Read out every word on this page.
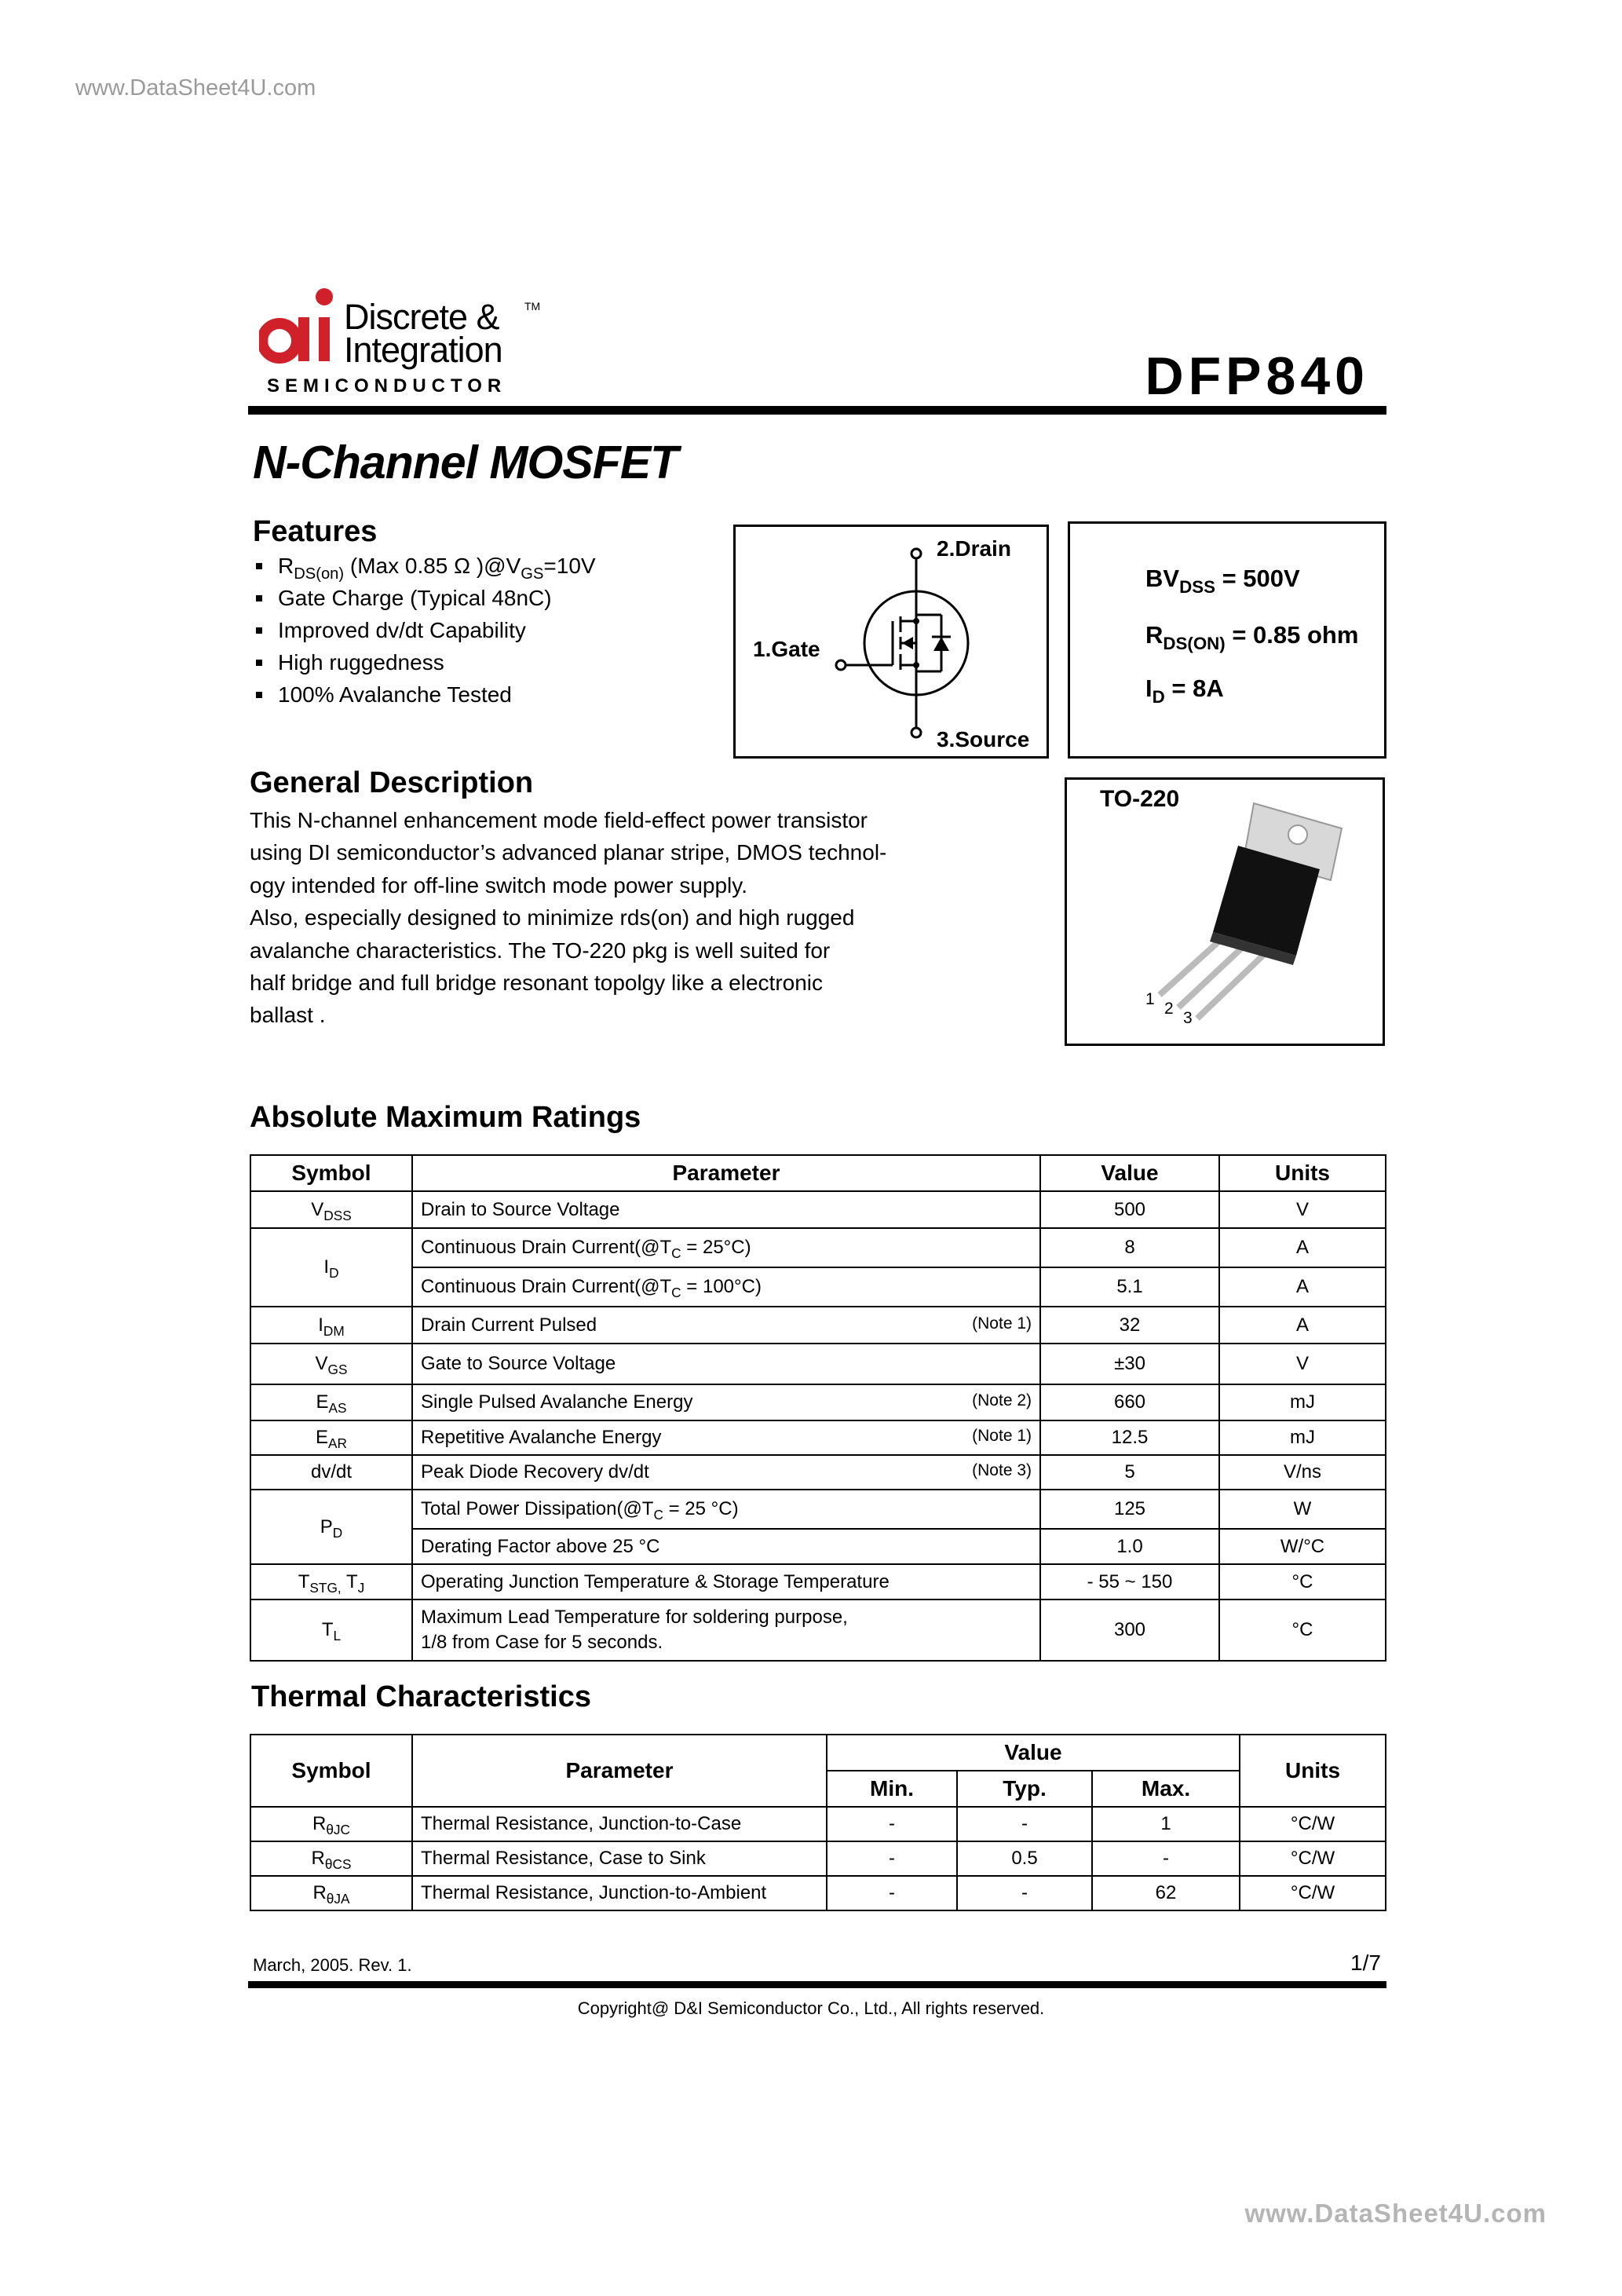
www.DataSheet4U.com
www.DataSheet4U.com
Discrete &
Integration
TM
SEMICONDUCTOR	DFP840
N-Channel MOSFET
Features
$R_{DS(on)}$ (Max 0.85 Ω )$@V_{GS}=10V$
Gate Charge (Typical 48nC)
Improved dv/dt Capability
High ruggedness
100% Avalanche Tested
2.Drain
1.Gate
3.Source
$BV_{DSS} = 500V$
$R_{DS(ON)} = 0.85$ ohm
$I_D = 8A$
General Description
This N-channel enhancement mode field-effect power transistor
using DI semiconductor’s advanced planar stripe, DMOS technol-
ogy intended for off-line switch mode power supply.
Also, especially designed to minimize rds(on) and high rugged
avalanche characteristics. The TO-220 pkg is well suited for
half bridge and full bridge resonant topolgy like a electronic
ballast .
TO-220
1
2
3
Absolute Maximum Ratings
Symbol	Parameter	Value	Units
$V_{DSS}$	Drain to Source Voltage	500	V
$I_D$	Continuous Drain $Current(@T_C = 25^\circ C)$	8	A
	Continuous Drain $Current(@T_C = 100^\circ C)$	5.1	A
$I_{DM}$	Drain Current Pulsed (Note 1)	32	A
$V_{GS}$	Gate to Source Voltage	±30	V
$E_{AS}$	Single Pulsed Avalanche Energy (Note 2)	660	mJ
$E_{AR}$	Repetitive Avalanche Energy (Note 1)	12.5	mJ
dv/dt	Peak Diode Recovery dv/dt (Note 3)	5	V/ns
$P_D$	Total Power $Dissipation(@T_C = 25$ °C)	125	W
	Derating Factor above 25 °C	1.0	W/°C
$T_{STG,}$ $T_J$	Operating Junction Temperature & Storage Temperature	- 55 ~ 150	°C
$T_L$	Maximum Lead Temperature for soldering purpose,
1/8 from Case for 5 seconds.	300	°C
Thermal Characteristics
Symbol	Parameter	Value			Units
		Min.	Typ.	Max.	
$R_{\theta JC}$	Thermal Resistance, Junction-to-Case	-	-	1	°C/W
$R_{\theta CS}$	Thermal Resistance, Case to Sink	-	0.5	-	°C/W
$R_{\theta JA}$	Thermal Resistance, Junction-to-Ambient	-	-	62	°C/W
March, 2005. Rev. 1.	1/7
Copyright@ D&I Semiconductor Co., Ltd., All rights reserved.
